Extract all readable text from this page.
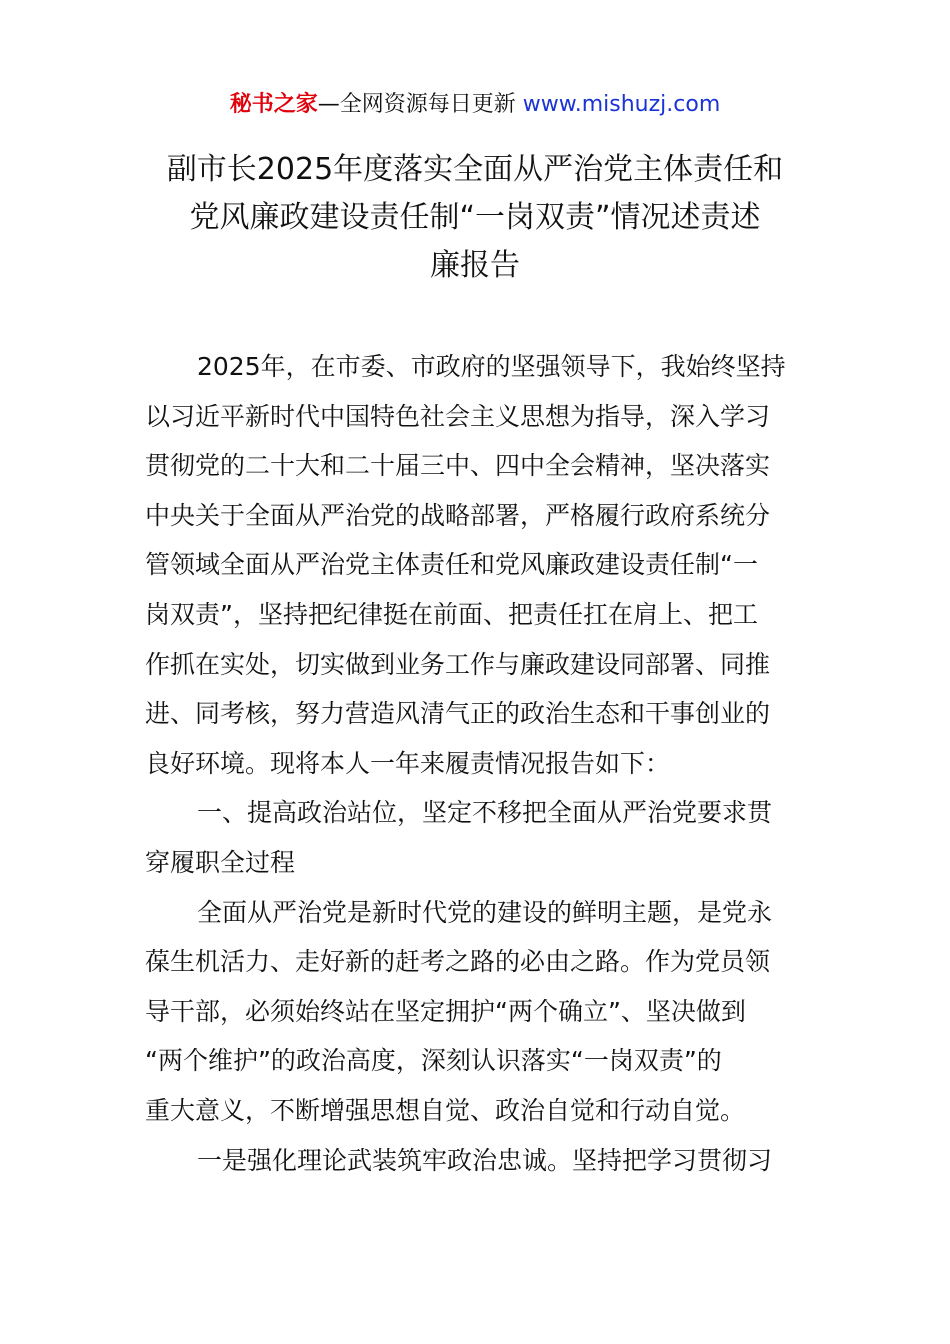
秘书之家—全网资源每日更新 www.mishuzj.com
副市长2025年度落实全面从严治党主体责任和
党风廉政建设责任制“一岗双责”情况述责述
廉报告
2025年，在市委、市政府的坚强领导下，我始终坚持
以习近平新时代中国特色社会主义思想为指导，深入学习
贯彻党的二十大和二十届三中、四中全会精神，坚决落实
中央关于全面从严治党的战略部署，严格履行政府系统分
管领域全面从严治党主体责任和党风廉政建设责任制“一
岗双责”，坚持把纪律挺在前面、把责任扛在肩上、把工
作抓在实处，切实做到业务工作与廉政建设同部署、同推
进、同考核，努力营造风清气正的政治生态和干事创业的
良好环境。现将本人一年来履责情况报告如下：
一、提高政治站位，坚定不移把全面从严治党要求贯
穿履职全过程
全面从严治党是新时代党的建设的鲜明主题，是党永
葆生机活力、走好新的赶考之路的必由之路。作为党员领
导干部，必须始终站在坚定拥护“两个确立”、坚决做到
“两个维护”的政治高度，深刻认识落实“一岗双责”的
重大意义，不断增强思想自觉、政治自觉和行动自觉。
一是强化理论武装筑牢政治忠诚。坚持把学习贯彻习
